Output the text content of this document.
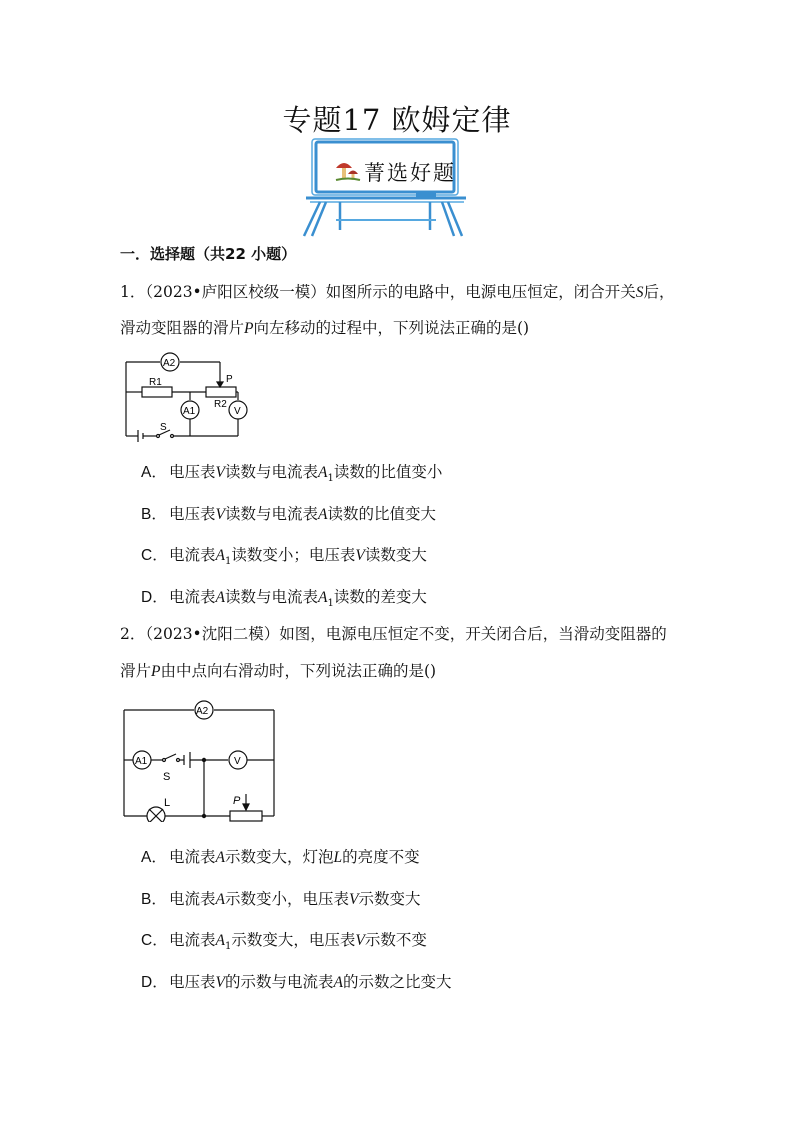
专题17 欧姆定律
菁选好题
一．选择题（共22 小题）
1．（2023•庐阳区校级一模）如图所示的电路中，电源电压恒定，闭合开关S后，
滑动变阻器的滑片P向左移动的过程中，下列说法正确的是()
A2
R1
R2
P
A1	V
S
A． 电压表V读数与电流表$A_1$读数的比值变小
B． 电压表V读数与电流表A读数的比值变大
C．电流表$A_1$读数变小；电压表V读数变大
D．电流表A读数与电流表$A_1$读数的差变大
2．（2023•沈阳二模）如图，电源电压恒定不变，开关闭合后，当滑动变阻器的
滑片P由中点向右滑动时，下列说法正确的是()
A2
A1	V
S
L	P
A． 电流表A示数变大，灯泡L的亮度不变
B． 电流表A示数变小，电压表V示数变大
C．电流表$A_1$示数变大，电压表V示数不变
D．电压表V的示数与电流表A的示数之比变大
